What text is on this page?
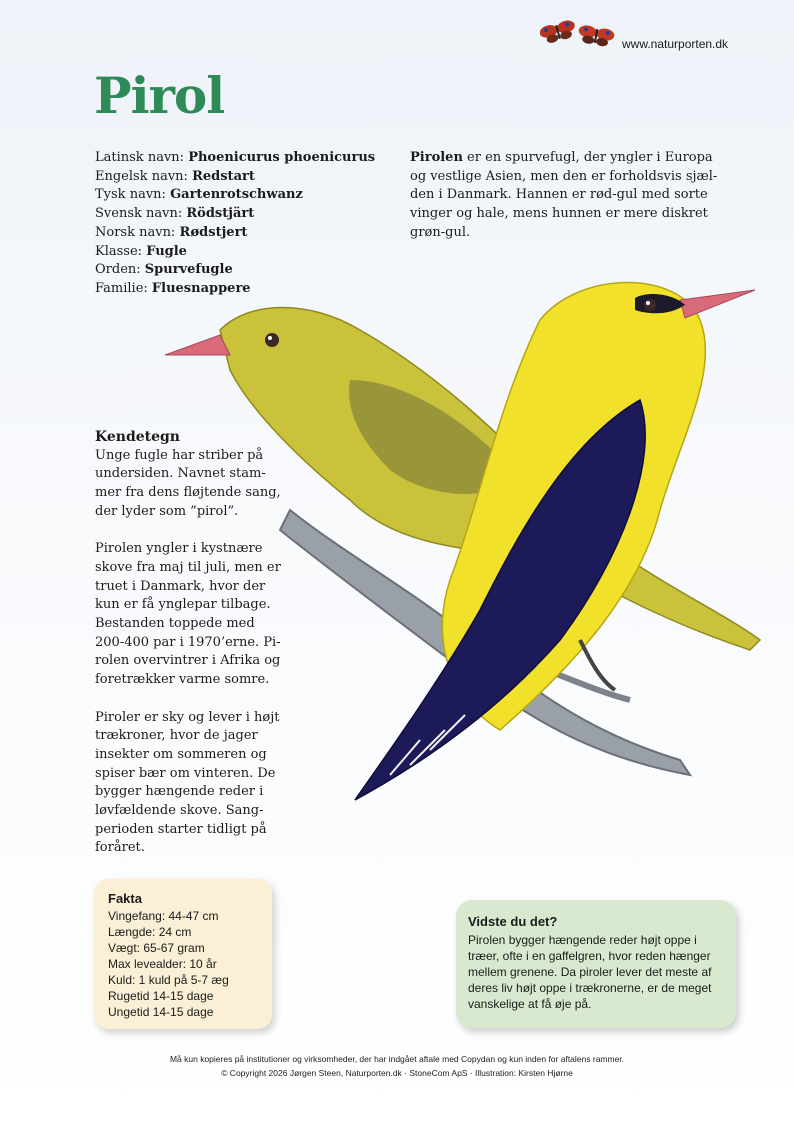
www.naturporten.dk
Pirol
Latinsk navn: Phoenicurus phoenicurus
Engelsk navn: Redstart
Tysk navn: Gartenrotschwanz
Svensk navn: Rödstjärt
Norsk navn: Rødstjert
Klasse: Fugle
Orden: Spurvefugle
Familie: Fluesnappere
Pirolen er en spurvefugl, der yngler i Europa og vestlige Asien, men den er forholdsvis sjæl-den i Danmark. Hannen er rød-gul med sorte vinger og hale, mens hunnen er mere diskret grøn-gul.
Kendetegn

Unge fugle har striber på undersiden. Navnet stam-mer fra dens fløjtende sang, der lyder som ”pirol”.

Pirolen yngler i kystnære skove fra maj til juli, men er truet i Danmark, hvor der kun er få ynglepar tilbage. Bestanden toppede med 200-400 par i 1970’erne. Pi-rolen overvintrer i Afrika og foretrækker varme somre.

Piroler er sky og lever i højt trækroner, hvor de jager insekter om sommeren og spiser bær om vinteren. De bygger hængende reder i løvfældende skove. Sang-perioden starter tidligt på foråret.

Fakta
Vingefang: 44-47 cm
Længde: 24 cm
Vægt: 65-67 gram
Max levealder: 10 år
Kuld: 1 kuld på 5-7 æg
Rugetid 14-15 dage
Ungetid 14-15 dage
Vidste du det?
Pirolen bygger hængende reder højt oppe i træer, ofte i en gaffelgren, hvor reden hænger mellem grenene. Da piroler lever det meste af deres liv højt oppe i trækronerne, er de meget vanskelige at få øje på.
Må kun kopieres på institutioner og virksomheder, der har indgået aftale med Copydan og kun inden for aftalens rammer.
© Copyright 2026 Jørgen Steen, Naturporten.dk · StoneCom ApS · Illustration: Kirsten Hjørne
